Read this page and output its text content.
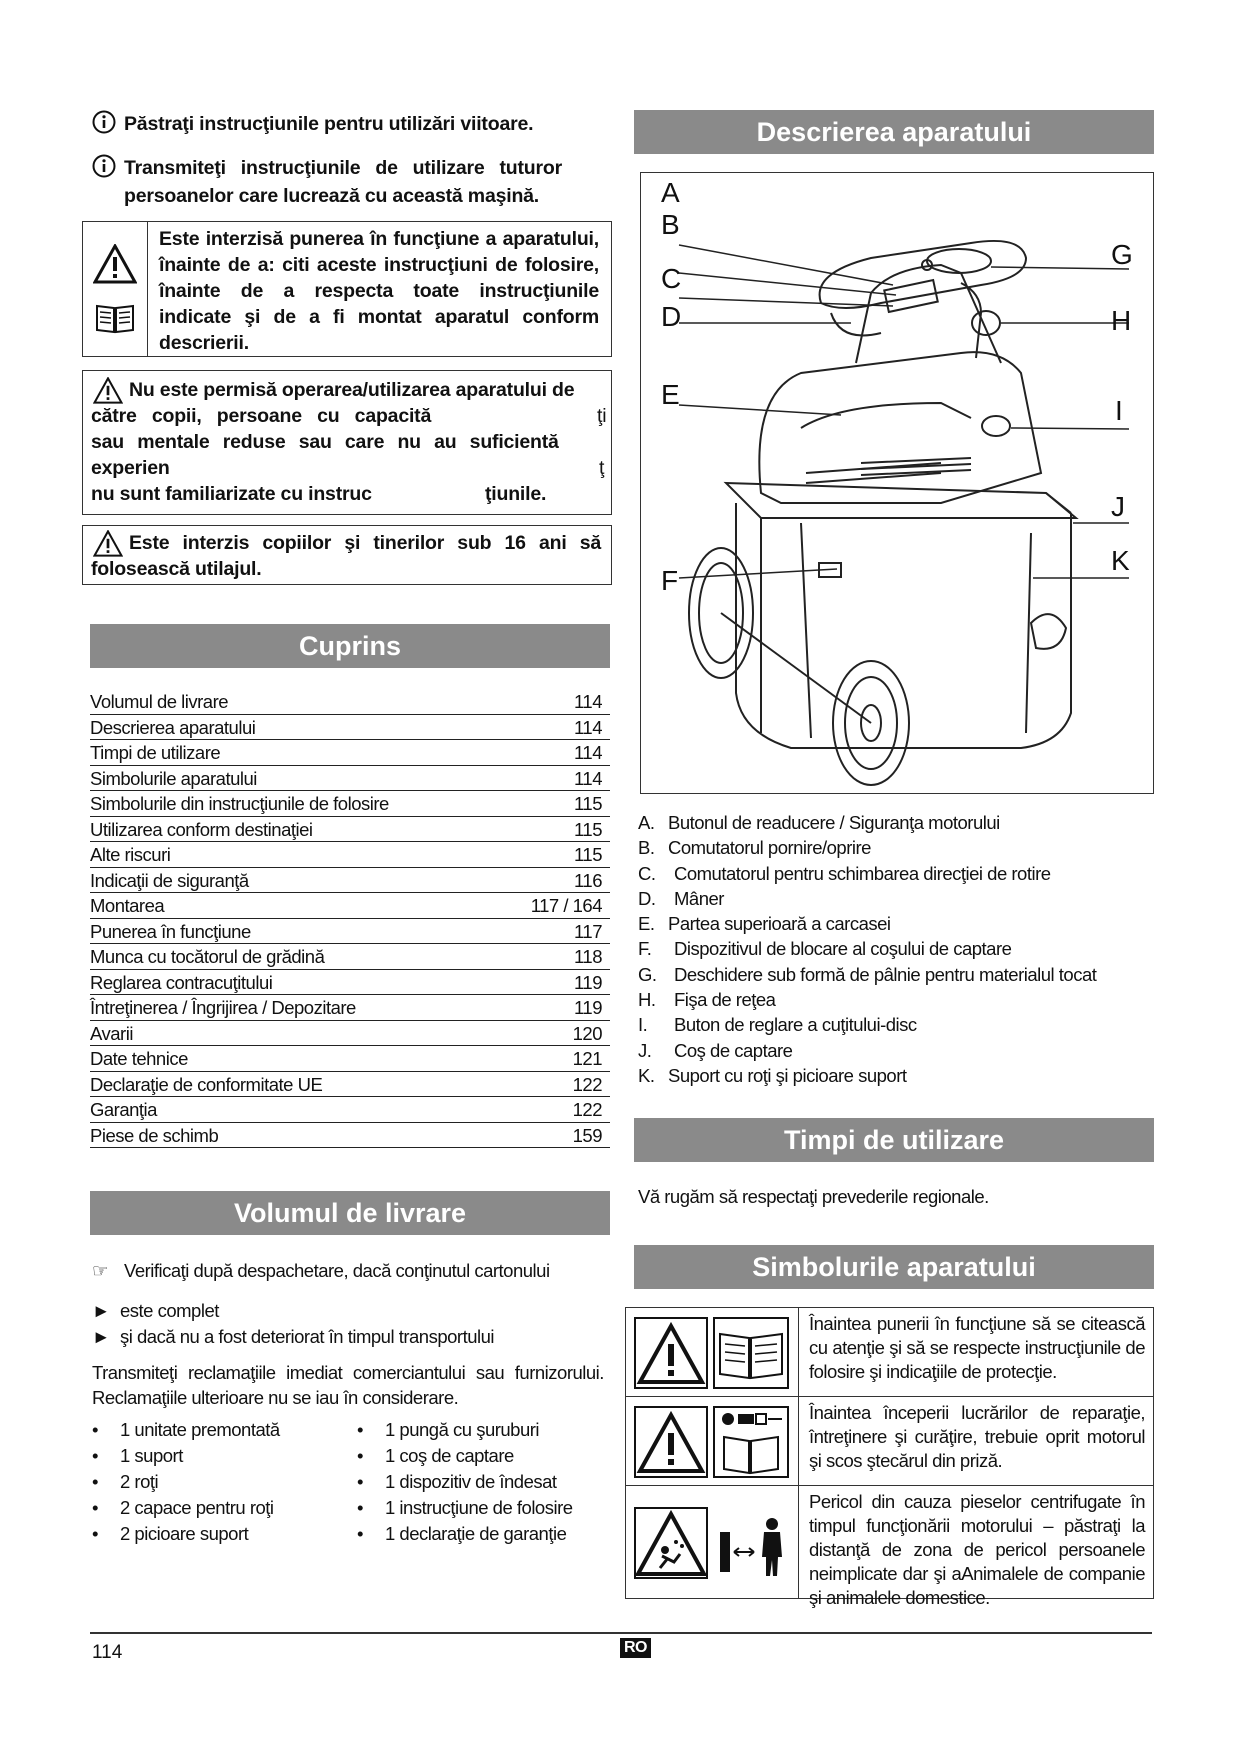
Păstraţi instrucţiunile pentru utilizări viitoare.
Transmiteţi instrucţiunile de utilizare tuturor persoanelor care lucrează cu această maşină.
Este interzisă punerea în funcţiune a aparatului, înainte de a: citi aceste instrucţiuni de folosire, înainte de a respecta toate instrucţiunile indicate şi de a fi montat aparatul conform descrierii.
Nu este permisă operarea/utilizarea aparatului de
către copii, persoane cu capacită	ţi
sau mentale reduse sau care nu au suficientă
experien	ţ
nu sunt familiarizate cu instruc	ţiunile.
Este interzis copiilor şi tinerilor sub 16 ani să folosească utilajul.
Cuprins
Volumul de livrare	114
Descrierea aparatului	114
Timpi de utilizare	114
Simbolurile aparatului	114
Simbolurile din instrucţiunile de folosire	115
Utilizarea conform destinaţiei	115
Alte riscuri	115
Indicaţii de siguranţă	116
Montarea	117 / 164
Punerea în funcţiune	117
Munca cu tocătorul de grădină	118
Reglarea contracuţitului	119
Întreţinerea / Îngrijirea / Depozitare	119
Avarii	120
Date tehnice	121
Declaraţie de conformitate UE	122
Garanţia	122
Piese de schimb	159
Volumul de livrare
☞ Verificaţi după despachetare, dacă conţinutul cartonului
► este complet
► şi dacă nu a fost deteriorat în timpul transportului
Transmiteţi reclamaţiile imediat comerciantului sau furnizorului.
Reclamaţiile ulterioare nu se iau în considerare.
•	1 unitate premontată
•	1 suport
•	2 roţi
•	2 capace pentru roţi
•	2 picioare suport
•	1 pungă cu şuruburi
•	1 coş de captare
•	1 dispozitiv de îndesat
•	1 instrucţiune de folosire
•	1 declaraţie de garanţie
Descrierea aparatului
A
B
C
D
E
F
G
H
I
J
K
A. Butonul de readucere / Siguranţa motorului
B. Comutatorul pornire/oprire
C.	Comutatorul pentru schimbarea direcţiei de rotire
D.	Mâner
E. Partea superioară a carcasei
F.	Dispozitivul de blocare al coşului de captare
G. Deschidere sub formă de pâlnie pentru materialul tocat
H.	Fişa de reţea
I.	Buton de reglare a cuţitului-disc
J.	Coş de captare
K. Suport cu roţi şi picioare suport
Timpi de utilizare
Vă rugăm să respectaţi prevederile regionale.
Simbolurile aparatului
Înaintea punerii în funcţiune să se citească cu atenţie şi să se respecte instrucţiunile de folosire şi indicaţiile de protecţie.
Înaintea începerii lucrărilor de reparaţie, întreţinere şi curăţire, trebuie oprit motorul şi scos ştecărul din priză.
Pericol din cauza pieselor centrifugate în timpul funcţionării motorului – păstraţi la distanţă de zona de pericol persoanele neimplicate dar şi aAnimalele de companie şi animalele domestice.
114	RO
